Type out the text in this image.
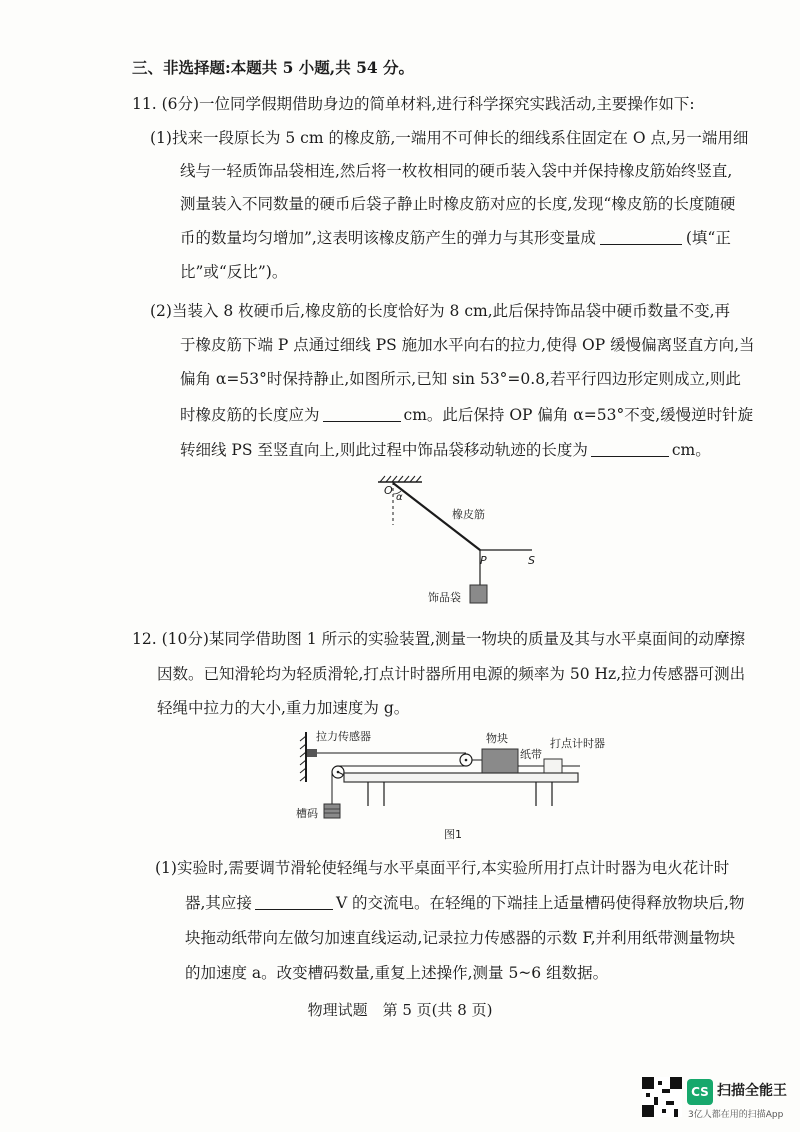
三、非选择题:本题共 5 小题,共 54 分。
11. (6分)一位同学假期借助身边的简单材料,进行科学探究实践活动,主要操作如下:
(1)找来一段原长为 5 cm 的橡皮筋,一端用不可伸长的细线系住固定在 O 点,另一端用细
线与一轻质饰品袋相连,然后将一枚枚相同的硬币装入袋中并保持橡皮筋始终竖直,
测量装入不同数量的硬币后袋子静止时橡皮筋对应的长度,发现“橡皮筋的长度随硬
币的数量均匀增加”,这表明该橡皮筋产生的弹力与其形变量成	(填“正
比”或“反比”)。
(2)当装入 8 枚硬币后,橡皮筋的长度恰好为 8 cm,此后保持饰品袋中硬币数量不变,再
于橡皮筋下端 P 点通过细线 PS 施加水平向右的拉力,使得 OP 缓慢偏离竖直方向,当
偏角 α=53°时保持静止,如图所示,已知 sin 53°=0.8,若平行四边形定则成立,则此
时橡皮筋的长度应为	cm。此后保持 OP 偏角 α=53°不变,缓慢逆时针旋
转细线 PS 至竖直向上,则此过程中饰品袋移动轨迹的长度为	cm。
O
α
橡皮筋
P	S
饰品袋
12. (10分)某同学借助图 1 所示的实验装置,测量一物块的质量及其与水平桌面间的动摩擦
因数。已知滑轮均为轻质滑轮,打点计时器所用电源的频率为 50 Hz,拉力传感器可测出
轻绳中拉力的大小,重力加速度为 g。
拉力传感器	物块
纸带
打点计时器
槽码
图1
(1)实验时,需要调节滑轮使轻绳与水平桌面平行,本实验所用打点计时器为电火花计时
器,其应接	V 的交流电。在轻绳的下端挂上适量槽码使得释放物块后,物
块拖动纸带向左做匀加速直线运动,记录拉力传感器的示数 F,并利用纸带测量物块
的加速度 a。改变槽码数量,重复上述操作,测量 5~6 组数据。
物理试题　第 5 页(共 8 页)
CS 扫描全能王
3亿人都在用的扫描App
